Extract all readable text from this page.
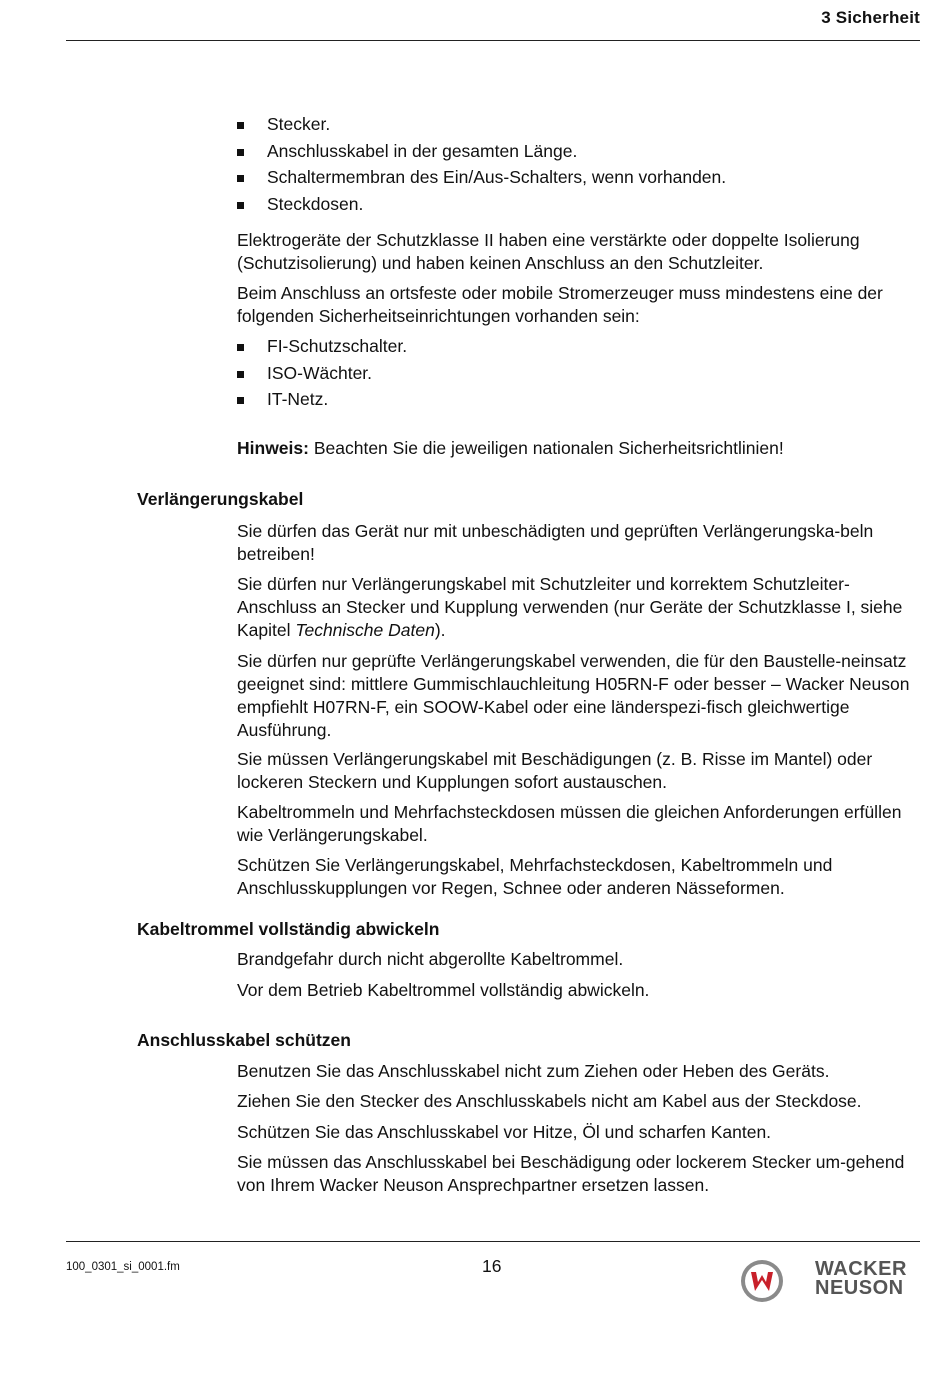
3 Sicherheit
Stecker.
Anschlusskabel in der gesamten Länge.
Schaltermembran des Ein/Aus-Schalters, wenn vorhanden.
Steckdosen.

Elektrogeräte der Schutzklasse II haben eine verstärkte oder doppelte Isolierung (Schutzisolierung) und haben keinen Anschluss an den Schutzleiter.

Beim Anschluss an ortsfeste oder mobile Stromerzeuger muss mindestens eine der folgenden Sicherheitseinrichtungen vorhanden sein:

FI-Schutzschalter.
ISO-Wächter.
IT-Netz.

Hinweis: Beachten Sie die jeweiligen nationalen Sicherheitsrichtlinien!

Verlängerungskabel

Sie dürfen das Gerät nur mit unbeschädigten und geprüften Verlängerungska-beln betreiben!

Sie dürfen nur Verlängerungskabel mit Schutzleiter und korrektem Schutzleiter-Anschluss an Stecker und Kupplung verwenden (nur Geräte der Schutzklasse I, siehe Kapitel Technische Daten).

Sie dürfen nur geprüfte Verlängerungskabel verwenden, die für den Baustelle-neinsatz geeignet sind: mittlere Gummischlauchleitung H05RN-F oder besser – Wacker Neuson empfiehlt H07RN-F, ein SOOW-Kabel oder eine länderspezi-fisch gleichwertige Ausführung.

Sie müssen Verlängerungskabel mit Beschädigungen (z. B. Risse im Mantel) oder lockeren Steckern und Kupplungen sofort austauschen.

Kabeltrommeln und Mehrfachsteckdosen müssen die gleichen Anforderungen erfüllen wie Verlängerungskabel.

Schützen Sie Verlängerungskabel, Mehrfachsteckdosen, Kabeltrommeln und Anschlusskupplungen vor Regen, Schnee oder anderen Nässeformen.

Kabeltrommel vollständig abwickeln

Brandgefahr durch nicht abgerollte Kabeltrommel.

Vor dem Betrieb Kabeltrommel vollständig abwickeln.

Anschlusskabel schützen

Benutzen Sie das Anschlusskabel nicht zum Ziehen oder Heben des Geräts.

Ziehen Sie den Stecker des Anschlusskabels nicht am Kabel aus der Steckdose.

Schützen Sie das Anschlusskabel vor Hitze, Öl und scharfen Kanten.

Sie müssen das Anschlusskabel bei Beschädigung oder lockerem Stecker um-gehend von Ihrem Wacker Neuson Ansprechpartner ersetzen lassen.

100_0301_si_0001.fm	16	WACKER
NEUSON
